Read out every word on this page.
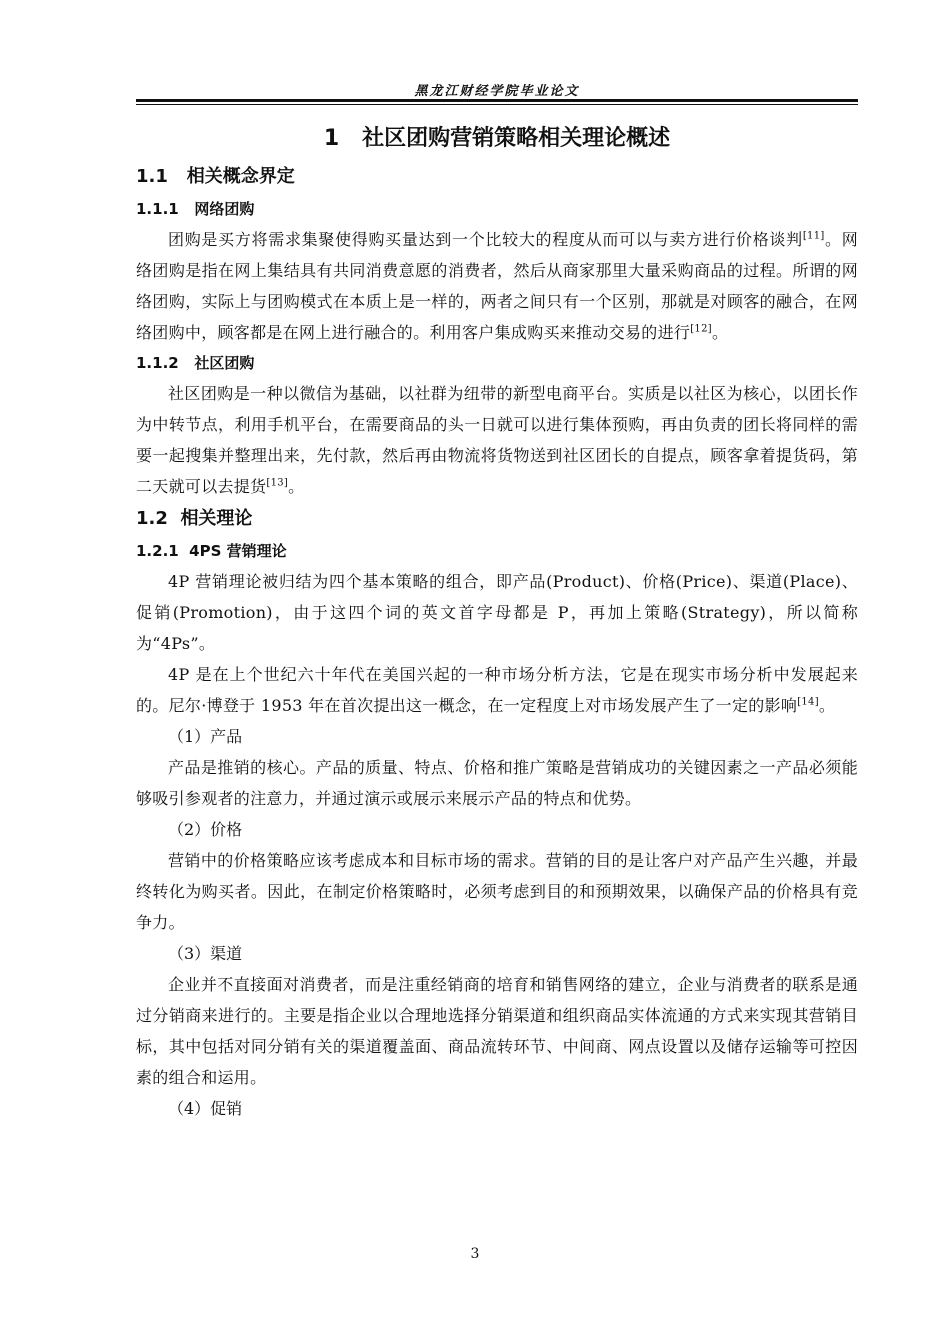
黑龙江财经学院毕业论文
1 社区团购营销策略相关理论概述
1.1 相关概念界定
1.1.1 网络团购

团购是买方将需求集聚使得购买量达到一个比较大的程度从而可以与卖方进行价格谈判[11]。网络团购是指在网上集结具有共同消费意愿的消费者，然后从商家那里大量采购商品的过程。所谓的网络团购，实际上与团购模式在本质上是一样的，两者之间只有一个区别，那就是对顾客的融合，在网络团购中，顾客都是在网上进行融合的。利用客户集成购买来推动交易的进行[12]。

1.1.2 社区团购

社区团购是一种以微信为基础，以社群为纽带的新型电商平台。实质是以社区为核心，以团长作为中转节点，利用手机平台，在需要商品的头一日就可以进行集体预购，再由负责的团长将同样的需要一起搜集并整理出来，先付款，然后再由物流将货物送到社区团长的自提点，顾客拿着提货码，第二天就可以去提货[13]。

1.2 相关理论
1.2.1 4PS 营销理论

4P 营销理论被归结为四个基本策略的组合，即产品(Product)、价格(Price)、渠道(Place)、促销(Promotion)，由于这四个词的英文首字母都是 P，再加上策略(Strategy)，所以简称为“4Ps”。

4P 是在上个世纪六十年代在美国兴起的一种市场分析方法，它是在现实市场分析中发展起来的。尼尔·博登于 1953 年在首次提出这一概念，在一定程度上对市场发展产生了一定的影响[14]。

（1）产品

产品是推销的核心。产品的质量、特点、价格和推广策略是营销成功的关键因素之一产品必须能够吸引参观者的注意力，并通过演示或展示来展示产品的特点和优势。

（2）价格

营销中的价格策略应该考虑成本和目标市场的需求。营销的目的是让客户对产品产生兴趣，并最终转化为购买者。因此，在制定价格策略时，必须考虑到目的和预期效果，以确保产品的价格具有竞争力。

（3）渠道

企业并不直接面对消费者，而是注重经销商的培育和销售网络的建立，企业与消费者的联系是通过分销商来进行的。主要是指企业以合理地选择分销渠道和组织商品实体流通的方式来实现其营销目标，其中包括对同分销有关的渠道覆盖面、商品流转环节、中间商、网点设置以及储存运输等可控因素的组合和运用。

（4）促销

3
